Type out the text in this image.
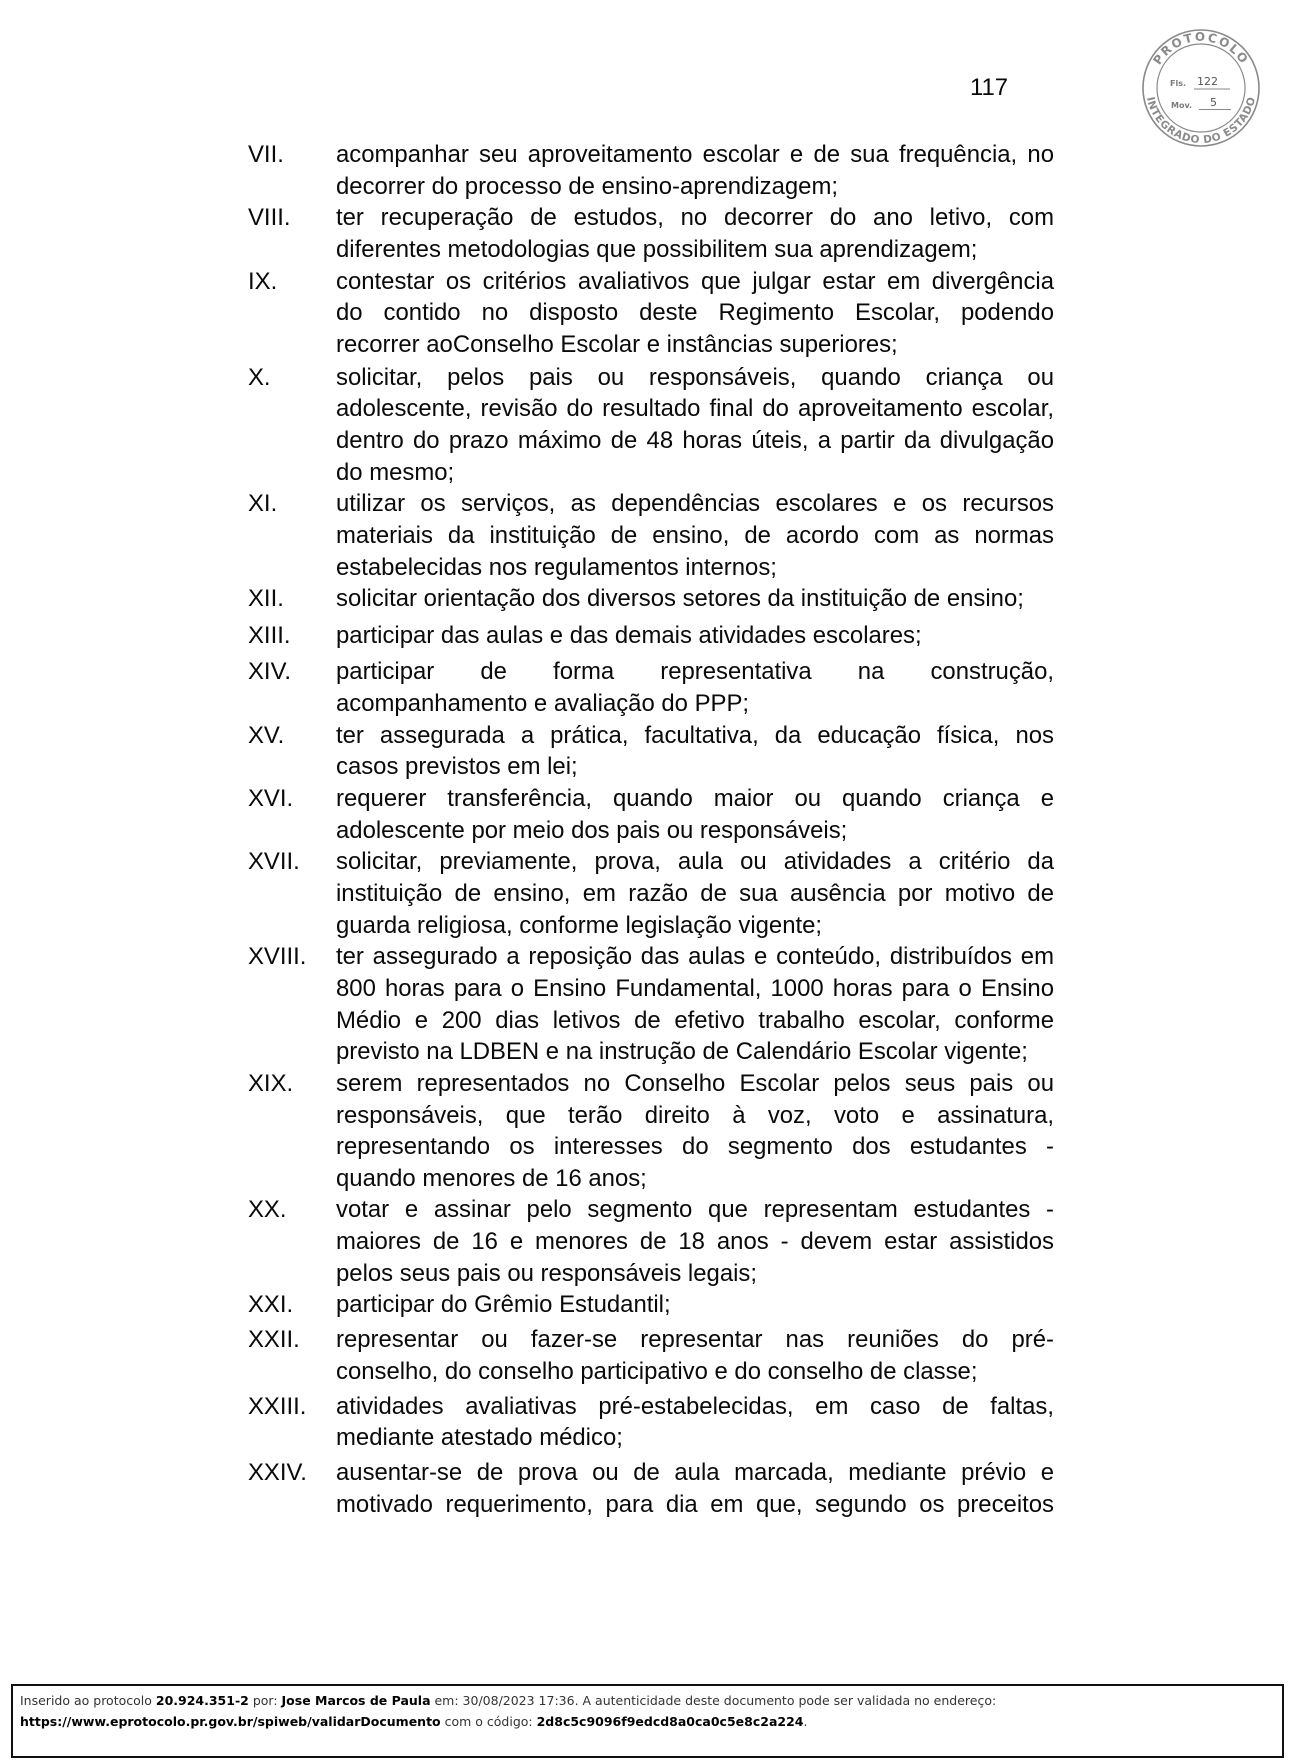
117
PROTOCOLO
INTEGRADO DO ESTADO
Fls. 122
Mov. 5
VII.	acompanhar seu aproveitamento escolar e de sua frequência, no
decorrer do processo de ensino-aprendizagem;
VIII.	ter recuperação de estudos, no decorrer do ano letivo, com
diferentes metodologias que possibilitem sua aprendizagem;
IX.	contestar os critérios avaliativos que julgar estar em divergência
do contido no disposto deste Regimento Escolar, podendo
recorrer aoConselho Escolar e instâncias superiores;
X.	solicitar, pelos pais ou responsáveis, quando criança ou
adolescente, revisão do resultado final do aproveitamento escolar,
dentro do prazo máximo de 48 horas úteis, a partir da divulgação
do mesmo;
XI.	utilizar os serviços, as dependências escolares e os recursos
materiais da instituição de ensino, de acordo com as normas
estabelecidas nos regulamentos internos;
XII.	solicitar orientação dos diversos setores da instituição de ensino;
XIII.	participar das aulas e das demais atividades escolares;
XIV.	participar de forma representativa na construção,
acompanhamento e avaliação do PPP;
XV.	ter assegurada a prática, facultativa, da educação física, nos
casos previstos em lei;
XVI.	requerer transferência, quando maior ou quando criança e
adolescente por meio dos pais ou responsáveis;
XVII.	solicitar, previamente, prova, aula ou atividades a critério da
instituição de ensino, em razão de sua ausência por motivo de
guarda religiosa, conforme legislação vigente;
XVIII.	ter assegurado a reposição das aulas e conteúdo, distribuídos em
800 horas para o Ensino Fundamental, 1000 horas para o Ensino
Médio e 200 dias letivos de efetivo trabalho escolar, conforme
previsto na LDBEN e na instrução de Calendário Escolar vigente;
XIX.	serem representados no Conselho Escolar pelos seus pais ou
responsáveis, que terão direito à voz, voto e assinatura,
representando os interesses do segmento dos estudantes -
quando menores de 16 anos;
XX.	votar e assinar pelo segmento que representam estudantes -
maiores de 16 e menores de 18 anos - devem estar assistidos
pelos seus pais ou responsáveis legais;
XXI.	participar do Grêmio Estudantil;
XXII.	representar ou fazer-se representar nas reuniões do pré-
conselho, do conselho participativo e do conselho de classe;
XXIII.	atividades avaliativas pré-estabelecidas, em caso de faltas,
mediante atestado médico;
XXIV.	ausentar-se de prova ou de aula marcada, mediante prévio e
motivado requerimento, para dia em que, segundo os preceitos
Inserido ao protocolo 20.924.351-2 por: Jose Marcos de Paula em: 30/08/2023 17:36. A autenticidade deste documento pode ser validada no endereço:
https://www.eprotocolo.pr.gov.br/spiweb/validarDocumento com o código: 2d8c5c9096f9edcd8a0ca0c5e8c2a224.
